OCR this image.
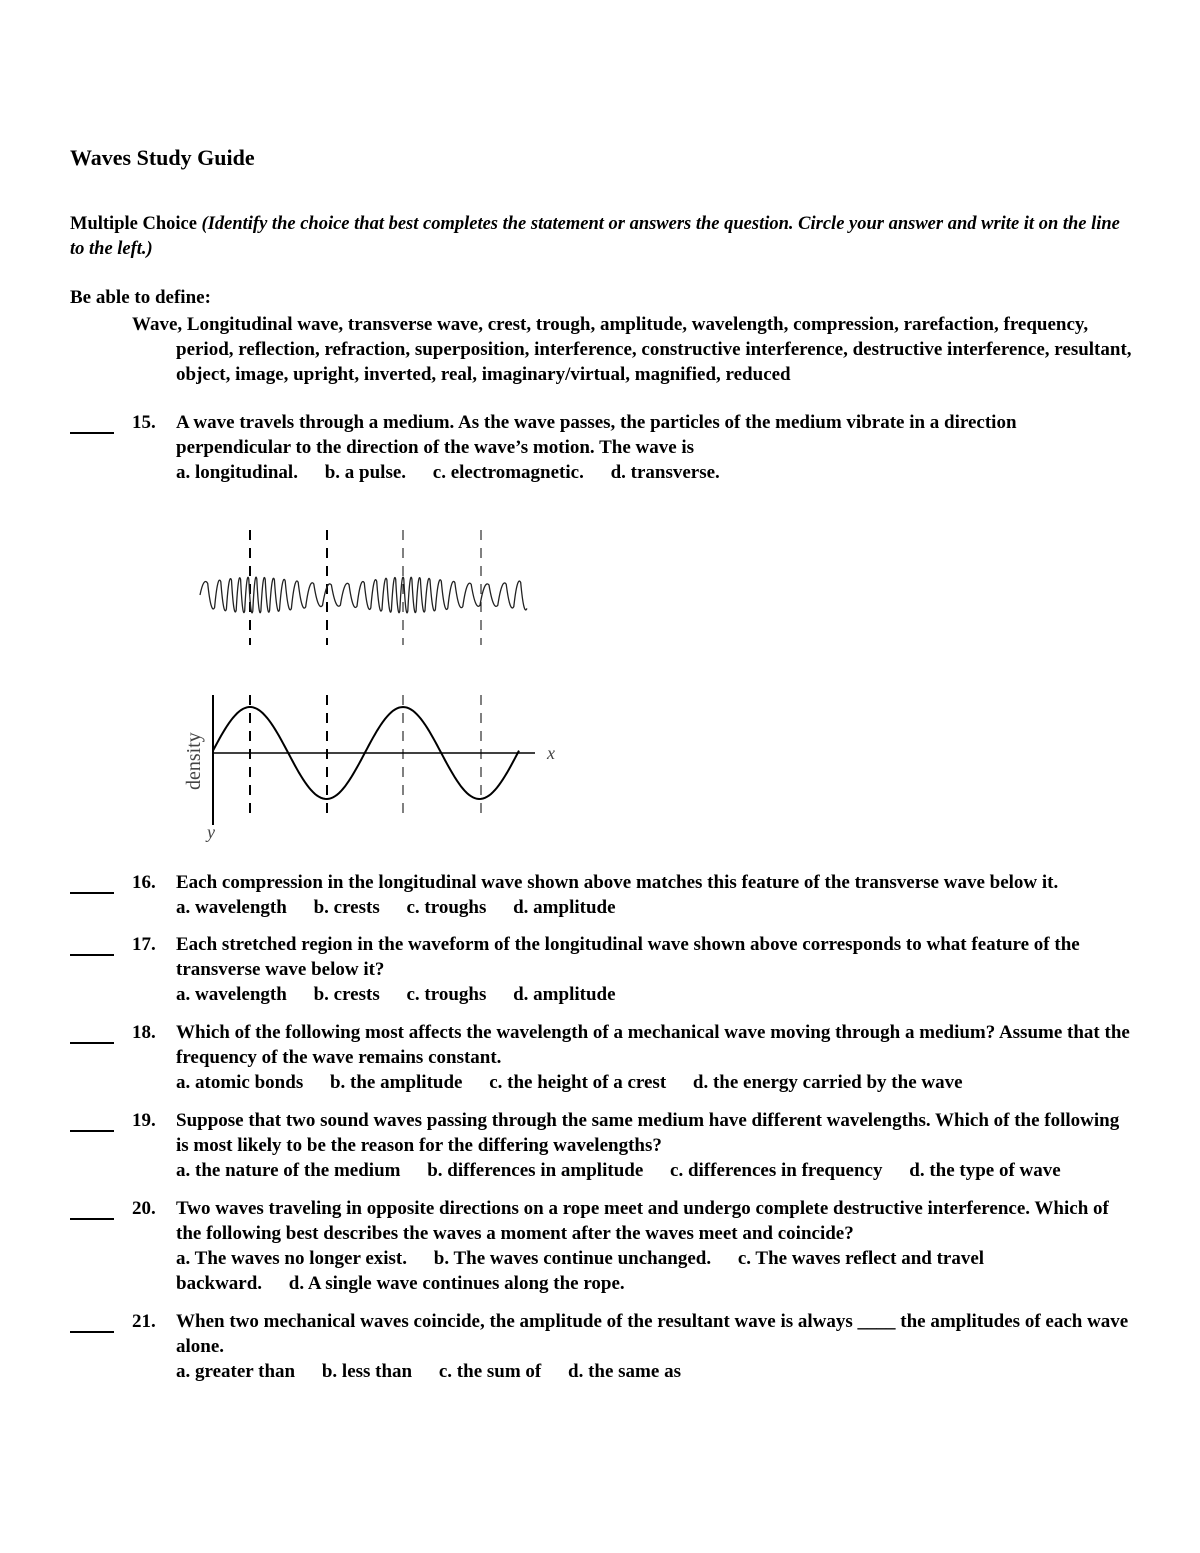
Waves Study Guide
Multiple Choice (Identify the choice that best completes the statement or answers the question. Circle your answer and write it on the line to the left.)
Be able to define:
Wave, Longitudinal wave, transverse wave, crest, trough, amplitude, wavelength, compression, rarefaction, frequency, period, reflection, refraction, superposition, interference, constructive interference, destructive interference, resultant, object, image, upright, inverted, real, imaginary/virtual, magnified, reduced
15. A wave travels through a medium. As the wave passes, the particles of the medium vibrate in a direction perpendicular to the direction of the wave’s motion. The wave is
a. longitudinal. b. a pulse. c. electromagnetic. d. transverse.
density	x
y
16. Each compression in the longitudinal wave shown above matches this feature of the transverse wave below it.
a. wavelength b. crests c. troughs d. amplitude
17. Each stretched region in the waveform of the longitudinal wave shown above corresponds to what feature of the transverse wave below it?
a. wavelength b. crests c. troughs d. amplitude
18. Which of the following most affects the wavelength of a mechanical wave moving through a medium? Assume that the frequency of the wave remains constant.
a. atomic bonds b. the amplitude c. the height of a crest d. the energy carried by the wave
19. Suppose that two sound waves passing through the same medium have different wavelengths. Which of the following is most likely to be the reason for the differing wavelengths?
a. the nature of the medium b. differences in amplitude c. differences in frequency d. the type of wave
20. Two waves traveling in opposite directions on a rope meet and undergo complete destructive interference. Which of the following best describes the waves a moment after the waves meet and coincide?
a. The waves no longer exist. b. The waves continue unchanged. c. The waves reflect and travel backward. d. A single wave continues along the rope.
21. When two mechanical waves coincide, the amplitude of the resultant wave is always ____ the amplitudes of each wave alone.
a. greater than b. less than c. the sum of d. the same as
